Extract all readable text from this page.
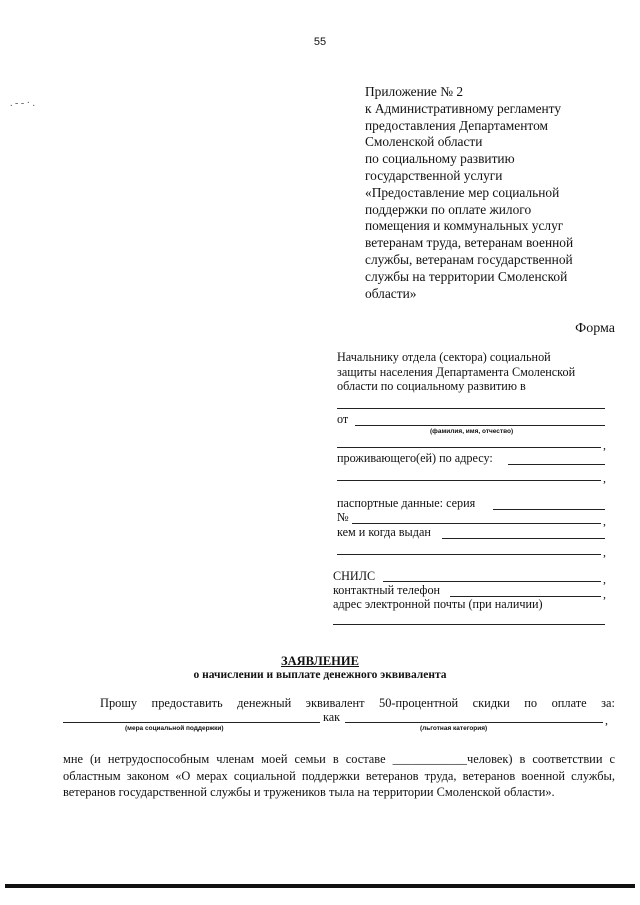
55
. - - · .
Приложение № 2
к Административному регламенту
предоставления Департаментом
Смоленской области
по социальному развитию
государственной услуги
«Предоставление мер социальной
поддержки по оплате жилого
помещения и коммунальных услуг
ветеранам труда, ветеранам военной
службы, ветеранам государственной
службы на территории Смоленской
области»
Форма
Начальнику отдела (сектора) социальной
защиты населения Департамента Смоленской
области по социальному развитию в
от
(фамилия, имя, отчество)
,
проживающего(ей) по адресу:
,
паспортные данные: серия
№	,
кем и когда выдан
,
СНИЛС	,
контактный телефон	,
адрес электронной почты (при наличии)
ЗАЯВЛЕНИЕ
о начислении и выплате денежного эквивалента
Прошу предоставить денежный эквивалент 50-процентной скидки по оплате за:
как	,
(мера социальной поддержки)	(льготная категория)
мне (и нетрудоспособным членам моей семьи в составе ____________человек) в соответствии с областным законом «О мерах социальной поддержки ветеранов труда, ветеранов военной службы, ветеранов государственной службы и тружеников тыла на территории Смоленской области».
